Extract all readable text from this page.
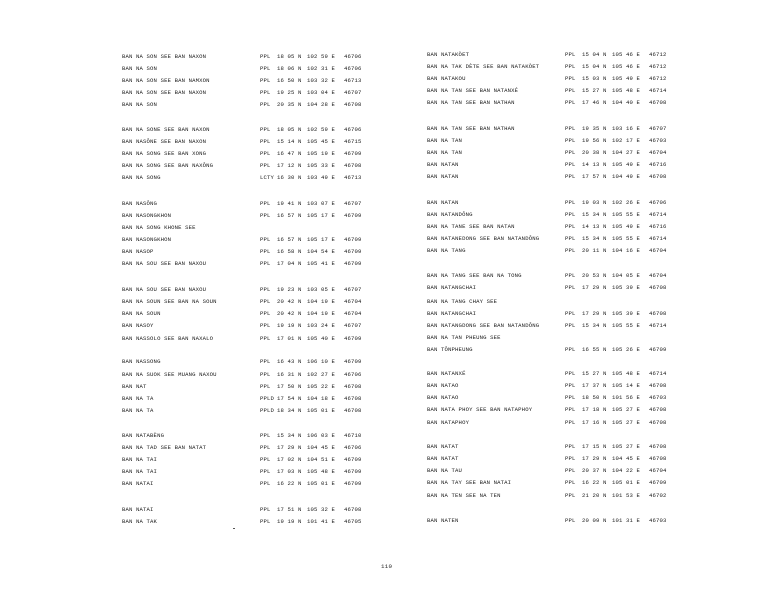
BAN NA SON SEE BAN NAXON	PPL 18 05 N 102 59 E 46706
BAN NA SON	PPL 18 06 N 102 31 E 46706
BAN NA SON SEE BAN NAMXON	PPL 16 50 N 103 32 E 46713
BAN NA SON SEE BAN NAXON	PPL 19 25 N 103 04 E 46707
BAN NA SON	PPL 20 35 N 104 28 E 46708
BAN NA SONE SEE BAN NAXON	PPL 18 05 N 102 59 E 46706
BAN NASÔNE SEE BAN NAXON	PPL 15 14 N 105 45 E 46715
BAN NA SONG SEE BAN XONG	PPL 16 47 N 105 19 E 46709
BAN NA SONG SEE BAN NAXÔNG	PPL 17 12 N 105 33 E 46708
BAN NA SONG	LCTY 16 30 N 103 49 E 46713
BAN NASÔNG	PPL 19 41 N 103 07 E 46707
BAN NASONGKHON	PPL 16 57 N 105 17 E 46709
BAN NA SONG KHONE SEE
BAN NASONGKHON	PPL 16 57 N 105 17 E 46709
BAN NASOP	PPL 16 58 N 104 54 E 46709
BAN NA SOU SEE BAN NAXOU	PPL 17 04 N 105 41 E 46709
BAN NA SOU SEE BAN NAXOU	PPL 19 23 N 103 05 E 46707
BAN NA SOUN SEE BAN NA SOUN	PPL 20 42 N 104 19 E 46704
BAN NA SOUN	PPL 20 42 N 104 19 E 46704
BAN NASOY	PPL 19 19 N 103 24 E 46707
BAN NASSOLO SEE BAN NAXALO	PPL 17 01 N 105 40 E 46709
BAN NASSONG	PPL 16 43 N 106 10 E 46709
BAN NA SUOK SEE MUANG NAXOU	PPL 16 31 N 102 27 E 46706
BAN NAT	PPL 17 50 N 105 22 E 46708
BAN NA TA	PPLD 17 54 N 104 18 E 46708
BAN NA TA	PPLD 18 34 N 105 01 E 46708
BAN NATABÈNG	PPL 15 34 N 106 03 E 46710
BAN NA TAD SEE BAN NATAT	PPL 17 29 N 104 45 E 46706
BAN NA TAI	PPL 17 02 N 104 51 E 46709
BAN NA TAI	PPL 17 03 N 105 48 E 46709
BAN NATAI	PPL 16 22 N 105 01 E 46709
BAN NATAI	PPL 17 51 N 105 32 E 46708
BAN NA TAK	PPL 19 19 N 101 41 E 46705
BAN NATAKÒET	PPL 15 04 N 105 46 E 46712
BAN NA TAK DÈTE SEE BAN NATAKÒET	PPL 15 04 N 105 46 E 46712
BAN NATAKOU	PPL 15 03 N 105 49 E 46712
BAN NA TAN SEE BAN NATANXÉ	PPL 15 27 N 105 48 E 46714
BAN NA TAN SEE BAN NATHAN	PPL 17 46 N 104 40 E 46708
BAN NA TAN SEE BAN NATHAN	PPL 19 35 N 103 16 E 46707
BAN NA TAN	PPL 19 56 N 102 17 E 46703
BAN NA TAN	PPL 20 38 N 104 27 E 46704
BAN NATAN	PPL 14 13 N 105 49 E 46716
BAN NATAN	PPL 17 57 N 104 49 E 46708
BAN NATAN	PPL 19 03 N 102 26 E 46706
BAN NATANDÔNG	PPL 15 34 N 105 55 E 46714
BAN NA TANE SEE BAN NATAN	PPL 14 13 N 105 49 E 46716
BAN NATANEDONG SEE BAN NATANDÔNG	PPL 15 34 N 105 55 E 46714
BAN NA TANG	PPL 20 11 N 104 16 E 46704
BAN NA TANG SEE BAN NA TONG	PPL 20 53 N 104 05 E 46704
BAN NATANGCHAI	PPL 17 29 N 105 39 E 46708
BAN NA TANG CHAY SEE
BAN NATANGCHAI	PPL 17 29 N 105 39 E 46708
BAN NATANGDONG SEE BAN NATANDÔNG	PPL 15 34 N 105 55 E 46714
BAN NA TAN PHEUNG SEE
BAN TÔNPHEUNG	PPL 16 55 N 105 26 E 46709
BAN NATANXÉ	PPL 15 27 N 105 48 E 46714
BAN NATAO	PPL 17 37 N 105 14 E 46708
BAN NATAO	PPL 18 50 N 101 56 E 46703
BAN NATA PHOY SEE BAN NATAPHOY	PPL 17 18 N 105 27 E 46708
BAN NATAPHOY	PPL 17 16 N 105 27 E 46708
BAN NATAT	PPL 17 15 N 105 27 E 46708
BAN NATAT	PPL 17 29 N 104 45 E 46708
BAN NA TAU	PPL 20 37 N 104 22 E 46704
BAN NA TAY SEE BAN NATAI	PPL 16 22 N 105 01 E 46709
BAN NA TEN SEE NA TEN	PPL 21 20 N 101 53 E 46702
BAN NATEN	PPL 20 09 N 101 31 E 46703
110
